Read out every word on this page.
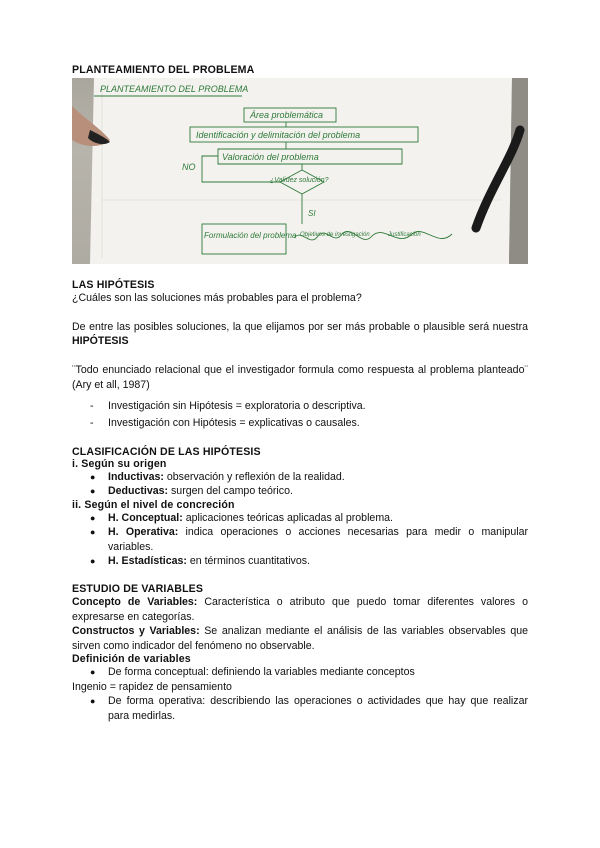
PLANTEAMIENTO DEL PROBLEMA
PLANTEAMIENTO DEL PROBLEMA
Área problemática
Identificación y delimitación del problema
Valoración del problema
¿Validez solución?
NO
SI
Formulación del problema Objetivos de investigación	Justificación
LAS HIPÓTESIS
¿Cuáles son las soluciones más probables para el problema?
De entre las posibles soluciones, la que elijamos por ser más probable o plausible será nuestra HIPÓTESIS
¨Todo enunciado relacional que el investigador formula como respuesta al problema planteado¨ (Ary et all, 1987)
- Investigación sin Hipótesis = exploratoria o descriptiva.
- Investigación con Hipótesis = explicativas o causales.
CLASIFICACIÓN DE LAS HIPÓTESIS
i. Según su origen
● Inductivas: observación y reflexión de la realidad.
● Deductivas: surgen del campo teórico.
ii. Según el nivel de concreción
● H. Conceptual: aplicaciones teóricas aplicadas al problema.
● H. Operativa: indica operaciones o acciones necesarias para medir o manipular variables.
● H. Estadísticas: en términos cuantitativos.
ESTUDIO DE VARIABLES
Concepto de Variables: Característica o atributo que puedo tomar diferentes valores o expresarse en categorías.
Constructos y Variables: Se analizan mediante el análisis de las variables observables que sirven como indicador del fenómeno no observable.
Definición de variables
● De forma conceptual: definiendo la variables mediante conceptos
Ingenio = rapidez de pensamiento
● De forma operativa: describiendo las operaciones o actividades que hay que realizar para medirlas.
